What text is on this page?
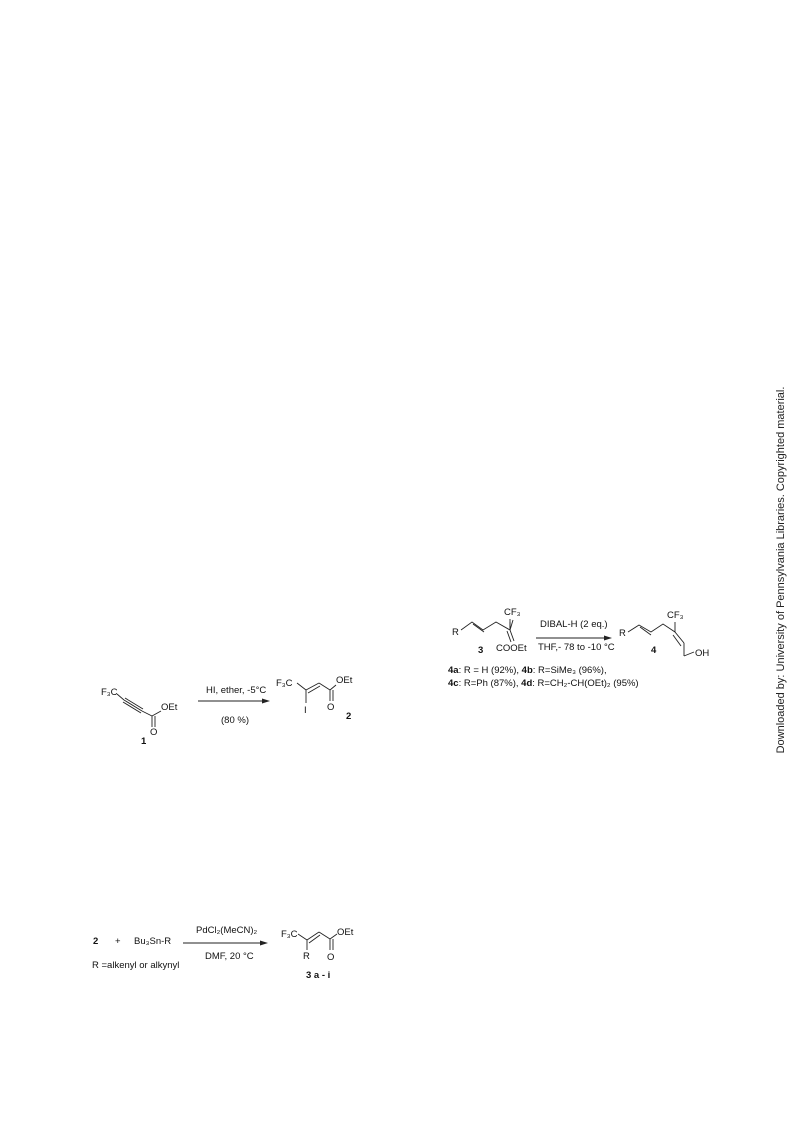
Downloaded by: University of Pennsylvania Libraries. Copyrighted material.
CF₃
R
COOEt
3
DIBAL-H (2 eq.)
THF,- 78 to -10 °C
CF₃
R
4	OH
4a: R = H (92%), 4b: R=SiMe₃ (96%),
4c: R=Ph (87%), 4d: R=CH₂-CH(OEt)₂ (95%)
F₃C
OEt
O
1
HI, ether, -5°C
(80 %)
F₃C	OEt
I O
2
2 + Bu₃Sn-R
R =alkenyl or alkynyl
PdCl₂(MeCN)₂
DMF, 20 °C
F₃C	OEt
R O
3 a - i
